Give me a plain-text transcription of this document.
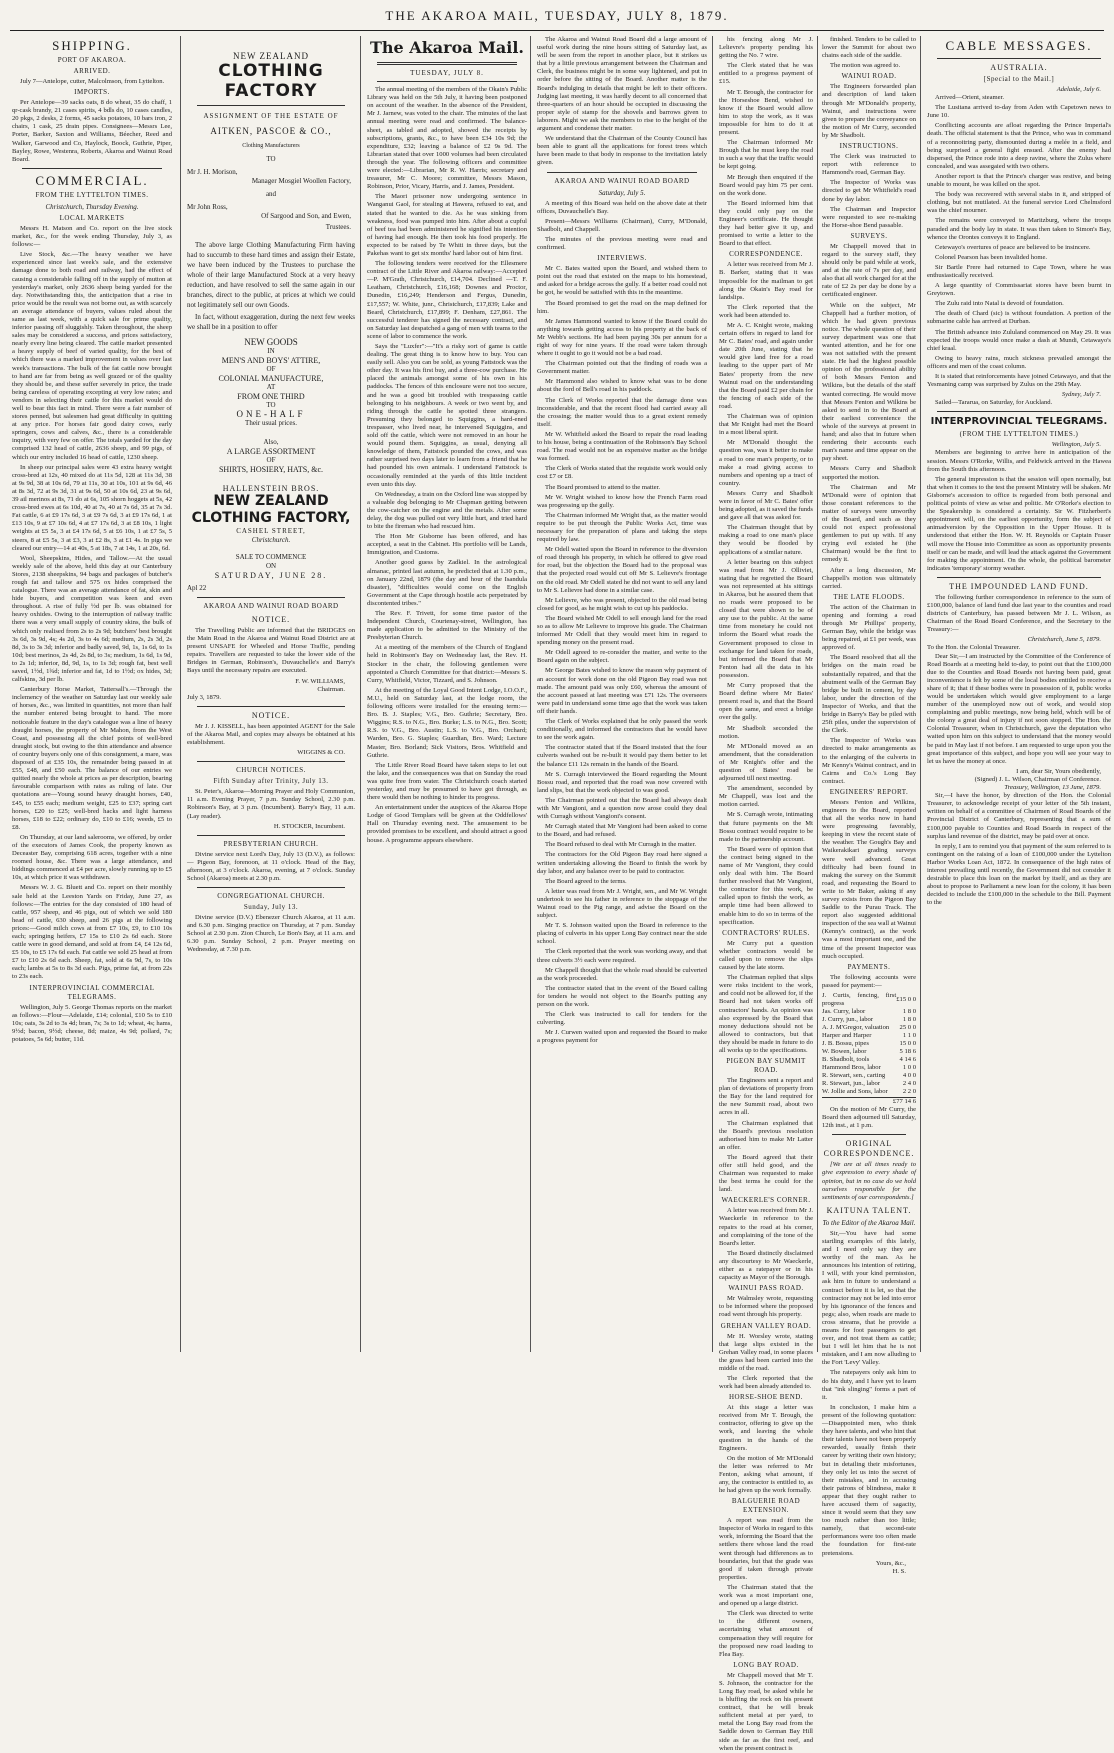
THE AKAROA MAIL, TUESDAY, JULY 8, 1879.
SHIPPING.
PORT OF AKAROA.
ARRIVED.

July 7—Antelope, cutter, Malcolmson, from Lyttelton.

IMPORTS.

Per Antelope—39 sacks oats, 8 do wheat, 35 do chaff, 1 qr-cask brandy, 21 cases spirits, 4 bdls do, 10 cases candles, 20 pkgs, 2 desks, 2 forms, 45 sacks potatoes, 10 bars iron, 2 chairs, 1 cask, 25 drain pipes. Consignees—Messrs Lee, Porter, Barker, Saxton and Williams, Béecher, Reed and Walker, Garwood and Co, Haylock, Boock, Guthrie, Piper, Bayley, Rowe, Westenra, Roberts, Akaroa and Wainui Road Board.

COMMERCIAL.
FROM THE LYTTELTON TIMES.
Christchurch, Thursday Evening.
LOCAL MARKETS

Messrs H. Matson and Co. report on the live stock market, &c., for the week ending Thursday, July 3, as follows:—

Live Stock, &c.—The heavy weather we have experienced since last week's sale, and the extensive damage done to both road and railway, had the effect of causing a considerable falling off in the supply of mutton at yesterday's market, only 2636 sheep being yarded for the day. Notwithstanding this, the anticipation that a rise in price would be the result was not borne out, as with scarcely an average attendance of buyers, values ruled about the same as last week, with a quick sale for prime quality, inferior passing off sluggishly. Taken throughout, the sheep sales may be considered a success, and prices satisfactory, nearly every line being cleared. The cattle market presented a heavy supply of beef of varied quality, for the best of which there was a marked improvement in values over last week's transactions. The bulk of the fat cattle now brought to hand are far from being as well grazed or of the quality they should be, and these suffer severely in price, the trade being careless of operating excepting at very low rates; and vendors in selecting their cattle for this market would do well to bear this fact in mind. There were a fair number of stores penned, but salesmen had great difficulty in quitting at any price. For horses fair good dairy cows, early springers, cows and calves, &c., there is a considerable inquiry, with very few on offer. The totals yarded for the day comprised 132 head of cattle, 2636 sheep, and 99 pigs, of which our entry included 16 head of cattle, 1230 sheep.

In sheep our principal sales were 43 extra heavy weight cross-bred at 12s, 40 mixed do at 11s 5d, 128 at 11s 3d, 38 at 9s 9d, 38 at 10s 6d, 79 at 11s, 30 at 10s, 101 at 9s 6d, 46 at 8s 3d, 72 at 9s 3d, 31 at 9s 6d, 50 at 10s 6d, 23 at 9s 6d, 39 ail merinos at 8s, 71 do at 6s, 105 shorn hoggets at 5s, 42 cross-bred ewes at 6s 10d, 40 at 7s, 40 at 7s 6d, 35 at 7s 3d. Fat cattle, 6 at £9 17s 6d, 3 at £9 7s 6d, 3 at £9 17s 6d, 1 at £13 10s, 9 at £7 10s 6d, 4 at £7 17s 6d, 3 at £8 10s, 1 light weights at £5 5s, 3 at £4 17s 6d, 5 at £6 10s, 1 at £7 5s, 5 steers, 8 at £5 5s, 3 at £3, 3 at £2 8s, 3 at £1 4s. In pigs we cleared our entry—14 at 40s, 5 at 18s, 7 at 14s, 1 at 20s, 6d.

Wool, Sheepskins, Hides, and Tallow.—At the usual weekly sale of the above, held this day at our Canterbury Stores, 2138 sheepskins, 94 bags and packages of butcher's rough fat and tallow and 575 ox hides comprised the catalogue. There was an average attendance of fat, skin and hide buyers, and competition was keen and even throughout. A rise of fully ½d per lb. was obtained for heavy oxhides. Owing to the interruption of railway traffic there was a very small supply of country skins, the bulk of which only realised from 2s to 2s 9d; butchers' best brought 3s 6d, 3s 9d, 4s; 4s 2d, 3s to 4s 6d; medium, 2s, 2s 3d, 2s 8d, 3s to 3s 3d; inferior and badly saved, 9d, 1s, 1s 6d, to 1s 10d; best merinos, 2s 4d, 2s 8d, to 3s; medium, 1s 6d, 1s 9d, to 2s 1d; inferior, 8d, 9d, 1s, to 1s 3d; rough fat, best well saved, 1½d, 1¾d; inferior and fat, 1d to 1½d; ox hides, 3d; calfskins, 3d per lb.

Canterbury Horse Market, Tattersall's.—Through the inclemency of the weather on Saturday last our weekly sale of horses, &c., was limited in quantities, not more than half the number entered being brought to hand. The more noticeable feature in the day's catalogue was a line of heavy draught horses, the property of Mr Mahon, from the West Coast, and possessing all the chief points of well-bred draught stock, but owing to the thin attendance and absence of country buyers only one of this consignment, a mare, was disposed of at £35 10s, the remainder being passed in at £55, £48, and £50 each. The balance of our entries we quitted nearly the whole at prices as per description, bearing favourable comparison with rates as ruling of late. Our quotations are—Young sound heavy draught horses, £40, £45, to £55 each; medium weight, £25 to £37; spring cart horses, £20 to £25; well-bred hacks and light harness horses, £18 to £22; ordinary do, £10 to £16; weeds, £5 to £8.

On Thursday, at our land salerooms, we offered, by order of the executors of James Cook, the property known as Deceaster Bay, comprising 618 acres, together with a nine roomed house, &c. There was a large attendance, and biddings commenced at £4 per acre, slowly running up to £5 10s, at which price it was withdrawn.

Messrs W. J. G. Bluett and Co. report on their monthly sale held at the Leeston Yards on Friday, June 27, as follows:—The entries for the day consisted of 180 head of cattle, 957 sheep, and 46 pigs, out of which we sold 180 head of cattle, 630 sheep, and 26 pigs at the following prices:—Good milch cows at from £7 10s, £9, to £10 10s each; springing heifers, £7 15s to £10 2s 6d each. Store cattle were in good demand, and sold at from £4, £4 12s 6d, £5 10s, to £5 17s 6d each. Fat cattle we sold 25 head at from £7 to £10 2s 6d each. Sheep, fat, sold at 6s 9d, 7s, to 10s each; lambs at 5s to 8s 3d each. Pigs, prime fat, at from 22s to 23s each.

INTERPROVINCIAL COMMERCIAL TELEGRAMS.

Wellington, July 5. George Thomas reports on the market as follows:—Flour—Adelaide, £14; colonial, £10 5s to £10 10s; oats, 3s 2d to 3s 4d; bran, 7s; 3s to 1d; wheat, 4s; hams, 9½d; bacon, 9½d; cheese, 8d; maize, 4s 9d; pollard, 7s; potatoes, 5s 6d; butter, 11d.

NEW ZEALAND
CLOTHING FACTORY
ASSIGNMENT OF THE ESTATE OF
AITKEN, PASCOE & CO.,
Clothing Manufacturers
TO
Mr J. H. Morison,
Manager Mosgiel Woollen Factory,
and
Mr John Ross,
Of Sargood and Son, and Ewen,
Trustees.

The above large Clothing Manufacturing Firm having had to succumb to these hard times and assign their Estate, we have been induced by the Trustees to purchase the whole of their large Manufactured Stock at a very heavy reduction, and have resolved to sell the same again in our branches, direct to the public, at prices at which we could not legitimately sell our own Goods.

In fact, without exaggeration, during the next few weeks we shall be in a position to offer

NEW GOODS
IN
MEN'S AND BOYS' ATTIRE,
OF
COLONIAL MANUFACTURE,
AT
FROM ONE THIRD
TO
ONE-HALF
Their usual prices.
Also,
A LARGE ASSORTMENT
OF
SHIRTS, HOSIERY, HATS, &c.
HALLENSTEIN BROS.
NEW ZEALAND
CLOTHING FACTORY,
CASHEL STREET,
Christchurch.
SALE TO COMMENCE
ON
SATURDAY, JUNE 28.
Apl 22
AKAROA AND WAINUI ROAD BOARD
NOTICE.

The Travelling Public are informed that the BRIDGES on the Main Road in the Akaroa and Wainui Road District are at present UNSAFE for Wheeled and Horse Traffic, pending repairs. Travellers are requested to take the lower side of the Bridges in German, Robinson's, Duvauchelle's and Barry's Bays until the necessary repairs are executed.

F. W. WILLIAMS,
Chairman.
July 3, 1879.
NOTICE.

Mr J. J. KISSELL, has been appointed AGENT for the Sale of the Akaroa Mail, and copies may always be obtained at his establishment.

WIGGINS & CO.
CHURCH NOTICES.
Fifth Sunday after Trinity, July 13.

St. Peter's, Akaroa—Morning Prayer and Holy Communion, 11 a.m. Evening Prayer, 7 p.m. Sunday School, 2.30 p.m. Robinson's Bay, at 3 p.m. (Incumbent). Barry's Bay, 11 a.m. (Lay reader).

H. STOCKER, Incumbent.
PRESBYTERIAN CHURCH.

Divine service next Lord's Day, July 13 (D.V.), as follows:— Pigeon Bay, forenoon, at 11 o'clock. Head of the Bay, afternoon, at 3 o'clock. Akaroa, evening, at 7 o'clock. Sunday School (Akaroa) meets at 2.30 p.m.

CONGREGATIONAL CHURCH.
Sunday, July 13.

Divine service (D.V.) Ebenezer Church Akaroa, at 11 a.m. and 6.30 p.m. Singing practice on Thursday, at 7 p.m. Sunday School at 2.30 p.m. Zion Church, Le Bon's Bay, at 11 a.m. and 6.30 p.m. Sunday School, 2 p.m. Prayer meeting on Wednesday, at 7.30 p.m.

The Akaroa Mail.
TUESDAY, JULY 8.

The annual meeting of the members of the Okain's Public Library was held on the 5th July, it having been postponed on account of the weather. In the absence of the President, Mr J. Jarnew, was voted to the chair. The minutes of the last annual meeting were read and confirmed. The balance-sheet, as tabled and adopted, showed the receipts by subscriptions, grants, &c., to have been £34 10s 9d; the expenditure, £32; leaving a balance of £2 9s 9d. The Librarian stated that over 1000 volumes had been circulated through the year. The following officers and committee were elected:—Librarian, Mr R. W. Harris; secretary and treasurer, Mr C. Moore; committee, Messrs Mason, Robinson, Prior, Vicary, Harris, and J. James, President.

The Maori prisoner now undergoing sentence in Wanganui Gaol, for stealing at Hawera, refused to eat, and stated that he wanted to die. As he was sinking from weakness, food was pumped into him. After about a cupful of beef tea had been administered he signified his intention of having had enough. He then took his food properly. He expected to be raised by Te Whiti in three days, but the Pakehas want to get six months' hard labor out of him first.

The following tenders were received for the Ellesmere contract of the Little River and Akaroa railway:—Accepted—P. M'Grath, Christchurch, £14,704. Declined —T. F. Leatham, Christchurch, £16,168; Downes and Proctor, Dunedin, £16,249; Henderson and Fergus, Dunedin, £17,557; W. White, junr., Christchurch, £17,839; Lake and Beard, Christchurch, £17,899; F. Denham, £27,861. The successful tenderer has signed the necessary contract, and on Saturday last despatched a gang of men with teams to the scene of labor to commence the work.

Says the "Luxfer":—"It's a risky sort of game is cattle dealing. The great thing is to know how to buy. You can easily sell. Also you can be sold, as young Fattstock was the other day. It was his first buy, and a three-cow purchase. He placed the animals amongst some of his own in his paddocks. The fences of this enclosure were not too secure, and he was a good bit troubled with trespassing cattle belonging to his neighbours. A week or two went by, and riding through the cattle he spotted three strangers. Presuming they belonged to Squiggins, a hard-ened trespasser, who lived near, he intervened Squiggins, and sold off the cattle, which were not removed in an hour he would pound them. Squiggins, as usual, denying all knowledge of them, Fattstock pounded the cows, and was rather surprised two days later to learn from a friend that he had pounded his own animals. I understand Fattstock is occasionally reminded at the yards of this little incident even unto this day.

On Wednesday, a train on the Oxford line was stopped by a valuable dog belonging to Mr Chapman getting between the cow-catcher on the engine and the metals. After some delay, the dog was pulled out very little hurt, and tried hard to bite the fireman who had rescued him.

The Hon Mr Gisborne has been offered, and has accepted, a seat in the Cabinet. His portfolio will be Lands, Immigration, and Customs.

Another good guess by Zadkiel. In the astrological almanac, printed last autumn, he predicted that at 1.30 p.m., on January 22nd, 1879 (the day and hour of the Isandula disaster), "difficulties would come on the English Government at the Cape through hostile acts perpetrated by discontented tribes."

The Rev. F. Trivett, for some time pastor of the Independent Church, Courtenay-street, Wellington, has made application to be admitted to the Ministry of the Presbyterian Church.

At a meeting of the members of the Church of England held in Robinson's Bay on Wednesday last, the Rev. H. Stocker in the chair, the following gentlemen were appointed a Church Committee for that district:—Messrs S. Curry, Whitfield, Victor, Tizzard, and S. Johnson.

At the meeting of the Loyal Good Intent Lodge, I.O.O.F., M.U., held on Saturday last, at the lodge room, the following officers were installed for the ensuing term:—Bro. B. J. Staples; V.G., Bro. Guthrie; Secretary, Bro. Wiggins; R.S. to N.G., Bro. Burke; L.S. to N.G., Bro. Scott; R.S. to V.G., Bro. Austin; L.S. to V.G., Bro. Orchard; Warden, Bro. G. Staples; Guardian, Bro. Ward; Lecture Master, Bro. Borland; Sick Visitors, Bros. Whitfield and Guthrie.

The Little River Road Board have taken steps to let out the lake, and the consequences was that on Sunday the road was quite free from water. The Christchurch coach started yesterday, and may be presumed to have got through, as there would then be nothing to hinder its progress.

An entertainment under the auspices of the Akaroa Hope Lodge of Good Templars will be given at the Oddfellows' Hall on Thursday evening next. The amusement to be provided promises to be excellent, and should attract a good house. A programme appears elsewhere.

The Akaroa and Wainui Road Board did a large amount of useful work during the nine hours sitting of Saturday last, as will be seen from the report in another place, but it strikes us that by a little previous arrangement between the Chairman and Clerk, the business might be in some way lightened, and put in order before the sitting of the Board. Another matter is the Board's indulging in details that might be left to their officers. Judging last meeting, it was hardly decent to all concerned that three-quarters of an hour should be occupied in discussing the proper style of stamp for the shovels and barrows given to laborers. Might we ask the members to rise to the height of the argument and condense their matter.

We understand that the Chairman of the County Council has been able to grant all the applications for forest trees which have been made to that body in response to the invitation lately given.

AKAROA AND WAINUI ROAD BOARD
Saturday, July 5.

A meeting of this Board was held on the above date at their offices, Duvauchelle's Bay.

Present—Messrs Williams (Chairman), Curry, M'Donald, Shadbolt, and Chappell.

The minutes of the previous meeting were read and confirmed.

INTERVIEWS.

Mr C. Bates waited upon the Board, and wished them to point out the road that existed on the maps to his homestead, and asked for a bridge across the gully. If a better road could not be got, he would be satisfied with this in the meantime.

The Board promised to get the road on the map defined for him.

Mr James Hammond wanted to know if the Board could do anything towards getting access to his property at the back of Mr Webb's sections. He had been paying 30s per annum for a right of way for nine years. If the road were taken through where it ought to go it would not be a bad road.

The Chairman pointed out that the finding of roads was a Government matter.

Mr Hammond also wished to know what was to be done about the ford of Bell's road in his paddock.

The Clerk of Works reported that the damage done was inconsiderable, and that the recent flood had carried away all the crossing; the matter would thus to a great extent remedy itself.

Mr W. Whitfield asked the Board to repair the road leading to his house, being a continuation of the Robinson's Bay School road. The road would not be an expensive matter as the bridge was formed.

The Clerk of Works stated that the requisite work would only cost £7 or £8.

The Board promised to attend to the matter.

Mr W. Wright wished to know how the French Farm road was progressing up the gully.

The Chairman informed Mr Wright that, as the matter would require to be put through the Public Works Act, time was necessary for the preparation of plans and taking the steps required by law.

Mr Odell waited upon the Board in reference to the diversion of road through his property, in which he offered to give road for road, but the objection the Board had to the proposal was that the projected road would cut off Mr S. Lelievre's frontage on the old road. Mr Odell stated he did not want to sell any land to Mr S. Lelievre had done in a similar case.

Mr Lelievre, who was present, objected to the old road being closed for good, as he might wish to cut up his paddocks.

The Board wished Mr Odell to sell enough land for the road so as to allow Mr Lelievre to improve his grade. The Chairman informed Mr Odell that they would meet him in regard to spending money on the present road.

Mr Odell agreed to re-consider the matter, and write to the Board again on the subject.

Mr George Bates wished to know the reason why payment of an account for work done on the old Pigeon Bay road was not made. The amount paid was only £60, whereas the amount of the account passed at last meeting was £71 12s. The overseers were paid in understand some time ago that the work was taken off their hands.

The Clerk of Works explained that he only passed the work conditionally, and informed the contractors that he would have to see the work again.

The contractor stated that if the Board insisted that the four culverts washed out be re-built it would pay them better to let the balance £11 12s remain in the hands of the Board.

Mr S. Curragh interviewed the Board regarding the Mount Bossu road, and reported that the road was now covered with land slips, but that the work objected to was good.

The Chairman pointed out that the Board had always dealt with Mr Vangioni, and a question now arose could they deal with Curragh without Vangioni's consent.

Mr Curragh stated that Mr Vangioni had been asked to come to the Board, and had refused.

The Board refused to deal with Mr Curragh in the matter.

The contractors for the Old Pigeon Bay road here signed a written undertaking allowing the Board to finish the work by day labor, and any balance over to be paid to contractor.

The Board agreed to the terms.

A letter was read from Mr J. Wright, sen., and Mr W. Wright undertook to see his father in reference to the stoppage of the Wainui road to the Pig range, and advise the Board on the subject.

Mr T. S. Johnson waited upon the Board in reference to the placing of culverts in his upper Long Bay contract near the side school.

The Clerk reported that the work was working away, and that three culverts 3½ each were required.

Mr Chappell thought that the whole road should be culverted as the work proceeded.

The contractor stated that in the event of the Board calling for tenders he would not object to the Board's putting any person on the work.

The Clerk was instructed to call for tenders for the culverting.

Mr J. Curwen waited upon and requested the Board to make a progress payment for

his fencing along Mr J. Lelievre's property pending his getting the No. 7 wire.

The Clerk stated that he was entitled to a progress payment of £15.

Mr T. Brough, the contractor for the Horseshoe Bend, wished to know if the Board would allow him to stop the work, as it was impossible for him to do it at present.

The Chairman informed Mr Brough that he must keep the road in such a way that the traffic would be kept going.

Mr Brough then enquired if the Board would pay him 75 per cent. on the work done.

The Board informed him that they could only pay on the Engineer's certificate. He thought they had better give it up, and promised to write a letter to the Board to that effect.

CORRESPONDENCE.

A letter was received from Mr J. B. Barker, stating that it was impossible for the mailman to get along the Okain's Bay road for landslips.

The Clerk reported that the work had been attended to.

Mr A. C. Knight wrote, making certain offers in regard to land for Mr C. Bates' road, and again under date 20th June, stating that he would give land free for a road leading to the upper part of Mr Bates' property from the new Wainui road on the understanding that the Board paid £2 per chain for the fencing of each side of the road.

The Chairman was of opinion that Mr Knight had met the Board in a most liberal spirit.

Mr M'Donald thought the question was, was it better to make a road to one man's property, or to make a road giving access to numbers and opening up a tract of country.

Messrs Curry and Shadbolt were in favor of Mr C. Bates' offer being adopted, as it saved the funds and gave all that was asked for.

The Chairman thought that by making a road to one man's place they would be flooded by applications of a similar nature.

A letter bearing on this subject was read from Mr J. Olliviet, stating that he regretted the Board was not represented at his sittings in Akaroa, but he assured them that no roads were proposed to be closed that were shown to be of any use to the public. At the same time from monetary he could not inform the Board what roads the Government proposed to close in exchange for land taken for roads, but informed the Board that Mr Fenton had all the data in his possession.

Mr Curry proposed that the Board define where Mr Bates' present road is, and that the Board open the same, and erect a bridge over the gully.

Mr Shadbolt seconded the motion.

Mr M'Donald moved as an amendment, that the consideration of Mr Knight's offer and the question of Bates' road be adjourned till next meeting.

The amendment, seconded by Mr Chappell, was lost and the motion carried.

Mr S. Curragh wrote, intimating that future payments on the Mt Bossu contract would require to be made to the partnership account.

The Board were of opinion that the contract being signed in the name of Mr Vangioni, they could only deal with him. The Board further resolved that Mr Vangioni, the contractor for this work, be called upon to finish the work, as ample time had been allowed to enable him to do so in terms of the specification.

CONTRACTORS' RULES.

Mr Curry put a question whether contractors would be called upon to remove the slips caused by the late storm.

The Chairman replied that slips were risks incident to the work, and could not be allowed for, if the Board had not taken works off contractors' hands. An opinion was also expressed by the Board that money deductions should not be allowed to contractors, but that they should be made in future to do all works up to the specifications.

PIGEON BAY SUMMIT ROAD.

The Engineers sent a report and plan of deviations of property from the Bay for the land required for the new Summit road, about two acres in all.

The Chairman explained that the Board's previous resolution authorised him to make Mr Latter an offer.

The Board agreed that their offer still held good, and the Chairman was requested to make the best terms he could for the land.

WAECKERLE'S CORNER.

A letter was received from Mr J. Waeckerle in reference to the repairs to the road at his corner, and complaining of the tone of the Board's letter.

The Board distinctly disclaimed any discourtesy to Mr Waeckerle, either as a ratepayer or in his capacity as Mayor of the Borough.

WAINUI PASS ROAD.

Mr Walmsley wrote, requesting to be informed where the proposed road went through his property.

GREHAN VALLEY ROAD.

Mr H. Worsley wrote, stating that large slips existed in the Grehan Valley road, in some places the grass had been carried into the middle of the road.

The Clerk reported that the work had been already attended to.

HORSE-SHOE BEND.

At this stage a letter was received from Mr T. Brough, the contractor, offering to give up the work, and leaving the whole question in the hands of the Engineers.

On the motion of Mr M'Donald the letter was referred to Mr Fenton, asking what amount, if any, the contractor is entitled to, as he had given up the work formally.

BALGUERIE ROAD EXTENSION.

A report was read from the Inspector of Works in regard to this work, informing the Board that the settlers there whose land the road went through had differences as to boundaries, but that the grade was good if taken through private properties.

The Chairman stated that the work was a most important one, and opened up a large district.

The Clerk was directed to write to the different owners, ascertaining what amount of compensation they will require for the proposed new road leading to Flea Bay.

LONG BAY ROAD.

Mr Chappell moved that Mr T. S. Johnson, the contractor for the Long Bay road, be asked while he is bluffing the rock on his present contract, that he will break sufficient metal at per yard, to metal the Long Bay road from the Saddle down to German Bay Hill side as far as the first reef, and when the present contract is

finished. Tenders to be called to lower the Summit for about two chains each side of the saddle.

The motion was agreed to.

WAINUI ROAD.

The Engineers forwarded plan and description of land taken through Mr M'Donald's property, Wainui, and instructions were given to prepare the conveyance on the motion of Mr Curry, seconded by Mr Shadbolt.

INSTRUCTIONS.

The Clerk was instructed to report with reference to Hammond's road, German Bay.

The Inspector of Works was directed to get Mr Whitfield's road done by day labor.

The Chairman and Inspector were requested to see re-making the Horse-shoe Bend passable.

SURVEYS.

Mr Chappell moved that in regard to the survey staff, they should only be paid while at work, and at the rate of 7s per day, and also that all work charged for at the rate of £2 2s per day be done by a certificated engineer.

While on the subject, Mr Chappell had a further motion, of which he had given previous notice. The whole question of their survey department was one that wanted attention, and he for one was not satisfied with the present state. He had the highest possible opinion of the professional ability of both Messrs Fenton and Wilkins, but the details of the staff wanted correcting. He would move that Messrs Fenton and Wilkins be asked to send in to the Board at their earliest convenience the whole of the surveys at present in hand; and also that in future when rendering their accounts each man's name and time appear on the pay sheet.

Messrs Curry and Shadbolt supported the motion.

The Chairman and Mr M'Donald were of opinion that those constant references to the matter of surveys were unworthy of the Board, and such as they could not expect professional gentlemen to put up with. If any crying evil existed he (the Chairman) would be the first to remedy it.

After a long discussion, Mr Chappell's motion was ultimately carried.

THE LATE FLOODS.

The action of the Chairman in opening and forming a road through Mr Phillips' property, German Bay, while the bridge was being repaired, at £1 per week, was approved of.

The Board resolved that all the bridges on the main road be substantially repaired, and that the abutment walls of the German Bay bridge be built in cement, by day labor, under the direction of the Inspector of Works, and that the bridge in Barry's Bay be piled with 25ft piles, under the supervision of the Clerk.

The Inspector of Works was directed to make arrangements as to the enlarging of the culverts in Mr Kenny's Wainui contract, and in Cairns and Co.'s Long Bay contract.

ENGINEERS' REPORT.

Messrs Fenton and Wilkins, engineers to the Board, reported that all the works now in hand were progressing favorably, keeping in view the recent state of the weather. The Gough's Bay and Waikerakikari grading surveys were well advanced. Great difficulty had been found in making the survey on the Summit road, and requesting the Board to write to Mr Baker, asking if any survey exists from the Pigeon Bay Saddle to the Purau Track. The report also suggested additional inspection of the sea wall at Wainui (Kenny's contract), as the work was a most important one, and the time of the present Inspector was much occupied.

PAYMENTS.

The following accounts were passed for payment:—

J. Curtis, fencing, first progress	£15 0 0
Jas. Curry, labor	1 8 0
J. Curry, jun., labor	1 8 0
A. J. M'Gregor, valuation	25 0 0
Harper and Harper	1 1 0
J. B. Bossu, pipes	15 0 0
W. Bowen, labor	5 18 6
B. Shadbolt, tools	4 14 6
Hammond Bros, labor	1 0 0
R. Stewart, sen., carting	4 0 0
R. Stewart, jun., labor	2 4 0
W. Jollie and Sons, labor	2 2 0
£77 14 6

On the motion of Mr Curry, the Board then adjourned till Saturday, 12th inst., at 1 p.m.

ORIGINAL CORRESPONDENCE.

[We are at all times ready to give expression to every shade of opinion, but in no case do we hold ourselves responsible for the sentiments of our correspondents.]

KAITUNA TALENT.
To the Editor of the Akaroa Mail.

Sir,—You have had some startling examples of this lately, and I need only say they are worthy of the man. As he announces his intention of retiring, I will, with your kind permission, ask him in future to understand a contract before it is let, so that the contractor may not be led into error by his ignorance of the fences and pegs; also, when roads are made to cross streams, that he provide a means for foot passengers to get over, and not treat them as cattle; but I will let him that he is not mistaken, and I am now alluding to the Fort 'Levy' Valley.

The ratepayers only ask him to do his duty, and I have yet to learn that "ink slinging" forms a part of it.

In conclusion, I make him a present of the following quotation:—Disappointed men, who think they have talents, and who hint that their talents have not been properly rewarded, usually finish their career by writing their own history; but in detailing their misfortunes, they only let us into the secret of their mistakes, and in accusing their patrons of blindness, make it appear that they ought rather to have accused them of sagacity, since it would seem that they saw too much rather than too little; namely, that second-rate performances were too often made the foundation for first-rate pretensions.

Yours, &c.,
H. S.
CABLE MESSAGES.
AUSTRALIA.
[Special to the Mail.]
Adelaide, July 6.

Arrived—Orient, steamer.

The Lusitana arrived to-day from Aden with Capetown news to June 10.

Conflicting accounts are afloat regarding the Prince Imperial's death. The official statement is that the Prince, who was in command of a reconnoitring party, dismounted during a melée in a field, and being surprised a general fight ensued. After the enemy had dispersed, the Prince rode into a deep ravine, where the Zulus where concealed, and was assegaied with two others.

Another report is that the Prince's charger was restive, and being unable to mount, he was killed on the spot.

The body was recovered with several stabs in it, and stripped of clothing, but not mutilated. At the funeral service Lord Chelmsford was the chief mourner.

The remains were conveyed to Maritzburg, where the troops paraded and the body lay in state. It was then taken to Simon's Bay, whence the Orontes conveys it to England.

Cetewayo's overtures of peace are believed to be insincere.

Colonel Pearson has been invalided home.

Sir Bartle Frere had returned to Cape Town, where he was enthusiastically received.

A large quantity of Commissariat stores have been burnt in Greytown.

The Zulu raid into Natal is devoid of foundation.

The death of Chard (sic) is without foundation. A portion of the submarine cable has arrived at Durban.

The British advance into Zululand commenced on May 29. It was expected the troops would once make a dash at Mundi, Cetawayo's chief kraal.

Owing to heavy rains, much sickness prevailed amongst the officers and men of the coast column.

It is stated that reinforcements have joined Cetawayo, and that the Yesmaning camp was surprised by Zulus on the 29th May.

Sydney, July 7.

Sailed—Tararua, on Saturday, for Auckland.

INTERPROVINCIAL TELEGRAMS.
(FROM THE LYTTELTON TIMES.)
Wellington, July 5.

Members are beginning to arrive here in anticipation of the session. Messrs O'Rorke, Willis, and Feldwick arrived in the Hawea from the South this afternoon.

The general impression is that the session will open normally, but that when it comes to the test the present Ministry will be shaken. Mr Gisborne's accession to office is regarded from both personal and political points of view as wise and politic. Mr O'Rorke's election to the Speakership is considered a certainty. Sir W. Fitzherbert's appointment will, on the earliest opportunity, form the subject of animadversion by the Opposition in the Upper House. It is understood that either the Hon. W. H. Reynolds or Captain Fraser will move the House into Committee as soon as opportunity presents itself or can be made, and will lead the attack against the Government for making the appointment. On the whole, the political barometer indicates 'temporary' stormy weather.

THE IMPOUNDED LAND FUND.

The following further correspondence in reference to the sum of £100,000, balance of land fund due last year to the counties and road districts of Canterbury, has passed between Mr J. L. Wilson, as Chairman of the Road Board Conference, and the Secretary to the Treasury:—

Christchurch, June 5, 1879.
To the Hon. the Colonial Treasurer.

Dear Sir,—I am instructed by the Committee of the Conference of Road Boards at a meeting held to-day, to point out that the £100,000 due to the Counties and Road Boards not having been paid, great inconvenience is felt by some of the local bodies entitled to receive a share of it; that if these bodies were in possession of it, public works would be undertaken which would give employment to a large number of the unemployed now out of work, and would stop complaining and public meetings, now being held, which will be of the colony a great deal of injury if not soon stopped. The Hon. the Colonial Treasurer, when in Christchurch, gave the deputation who waited upon him on this subject to understand that the money would be paid in May last if not before. I am requested to urge upon you the great importance of this subject, and hope you will see your way to let us have the money at once.

I am, dear Sir, Yours obediently,
(Signed) J. L. Wilson, Chairman of Conference.
Treasury, Wellington, 13 June, 1879.

Sir,—I have the honor, by direction of the Hon. the Colonial Treasurer, to acknowledge receipt of your letter of the 5th instant, written on behalf of a committee of Chairmen of Road Boards of the Provincial District of Canterbury, representing that a sum of £100,000 payable to Counties and Road Boards in respect of the surplus land revenue of the district, may be paid over at once.

In reply, I am to remind you that payment of the sum referred to is contingent on the raising of a loan of £100,000 under the Lyttelton Harbor Works Loan Act, 1872. In consequence of the high rates of interest prevailing until recently, the Government did not consider it desirable to place this loan on the market by itself, and as they are about to propose to Parliament a new loan for the colony, it has been decided to include the £100,000 in the schedule to the Bill. Payment to the
